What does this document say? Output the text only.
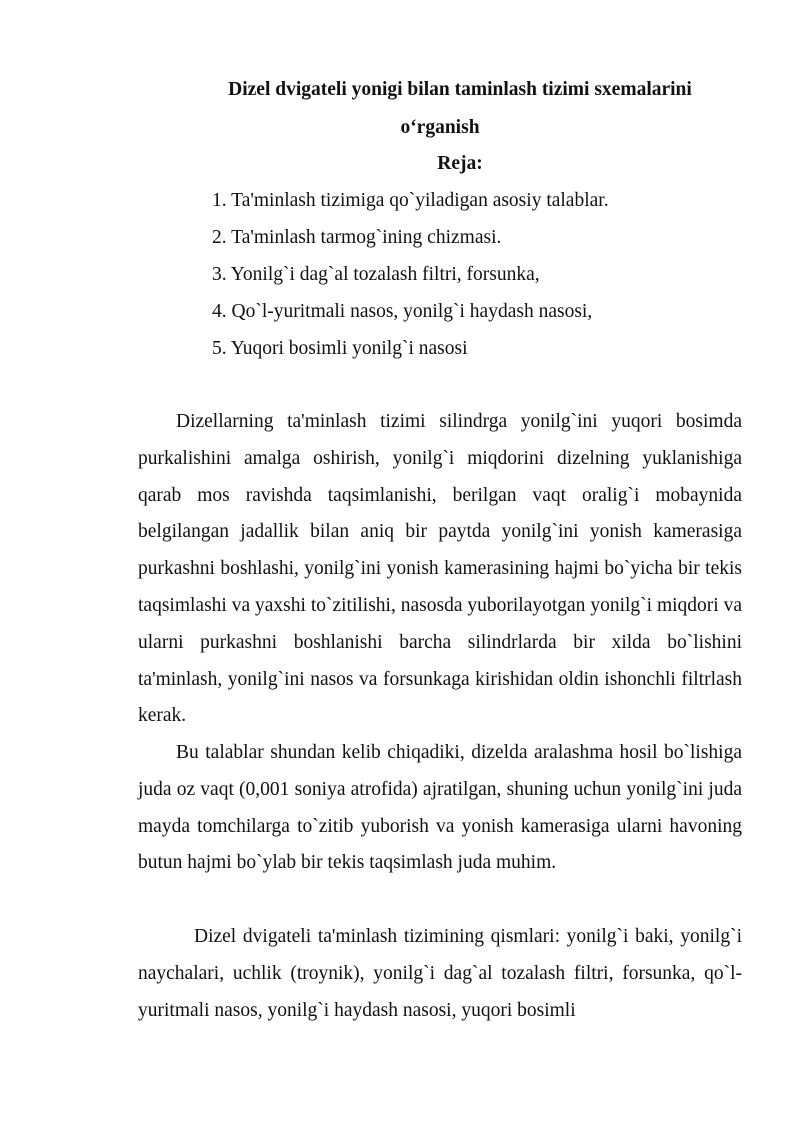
Dizel dvigateli yonigi bilan taminlash tizimi sxemalarini
o‘rganish
Reja:
1. Ta'minlash tizimiga qo`yiladigan asosiy talablar.
2. Ta'minlash tarmog`ining chizmasi.
3. Yonilg`i dag`al tozalash filtri, forsunka,
4. Qo`l-yuritmali nasos, yonilg`i haydash nasosi,
5. Yuqori bosimli yonilg`i nasosi

Dizellarning ta'minlash tizimi silindrga yonilg`ini yuqori bosimda purkalishini amalga oshirish, yonilg`i miqdorini dizelning yuklanishiga qarab mos ravishda taqsimlanishi, berilgan vaqt oralig`i mobaynida belgilangan jadallik bilan aniq bir paytda yonilg`ini yonish kamerasiga purkashni boshlashi, yonilg`ini yonish kamerasining hajmi bo`yicha bir tekis taqsimlashi va yaxshi to`zitilishi, nasosda yuborilayotgan yonilg`i miqdori va ularni purkashni boshlanishi barcha silindrlarda bir xilda bo`lishini ta'minlash, yonilg`ini nasos va forsunkaga kirishidan oldin ishonchli filtrlash kerak.

Bu talablar shundan kelib chiqadiki, dizelda aralashma hosil bo`lishiga juda oz vaqt (0,001 soniya atrofida) ajratilgan, shuning uchun yonilg`ini juda mayda tomchilarga to`zitib yuborish va yonish kamerasiga ularni havoning butun hajmi bo`ylab bir tekis taqsimlash juda muhim.

Dizel dvigateli ta'minlash tizimining qismlari: yonilg`i baki, yonilg`i naychalari, uchlik (troynik), yonilg`i dag`al tozalash filtri, forsunka, qo`l-yuritmali nasos, yonilg`i haydash nasosi, yuqori bosimli
